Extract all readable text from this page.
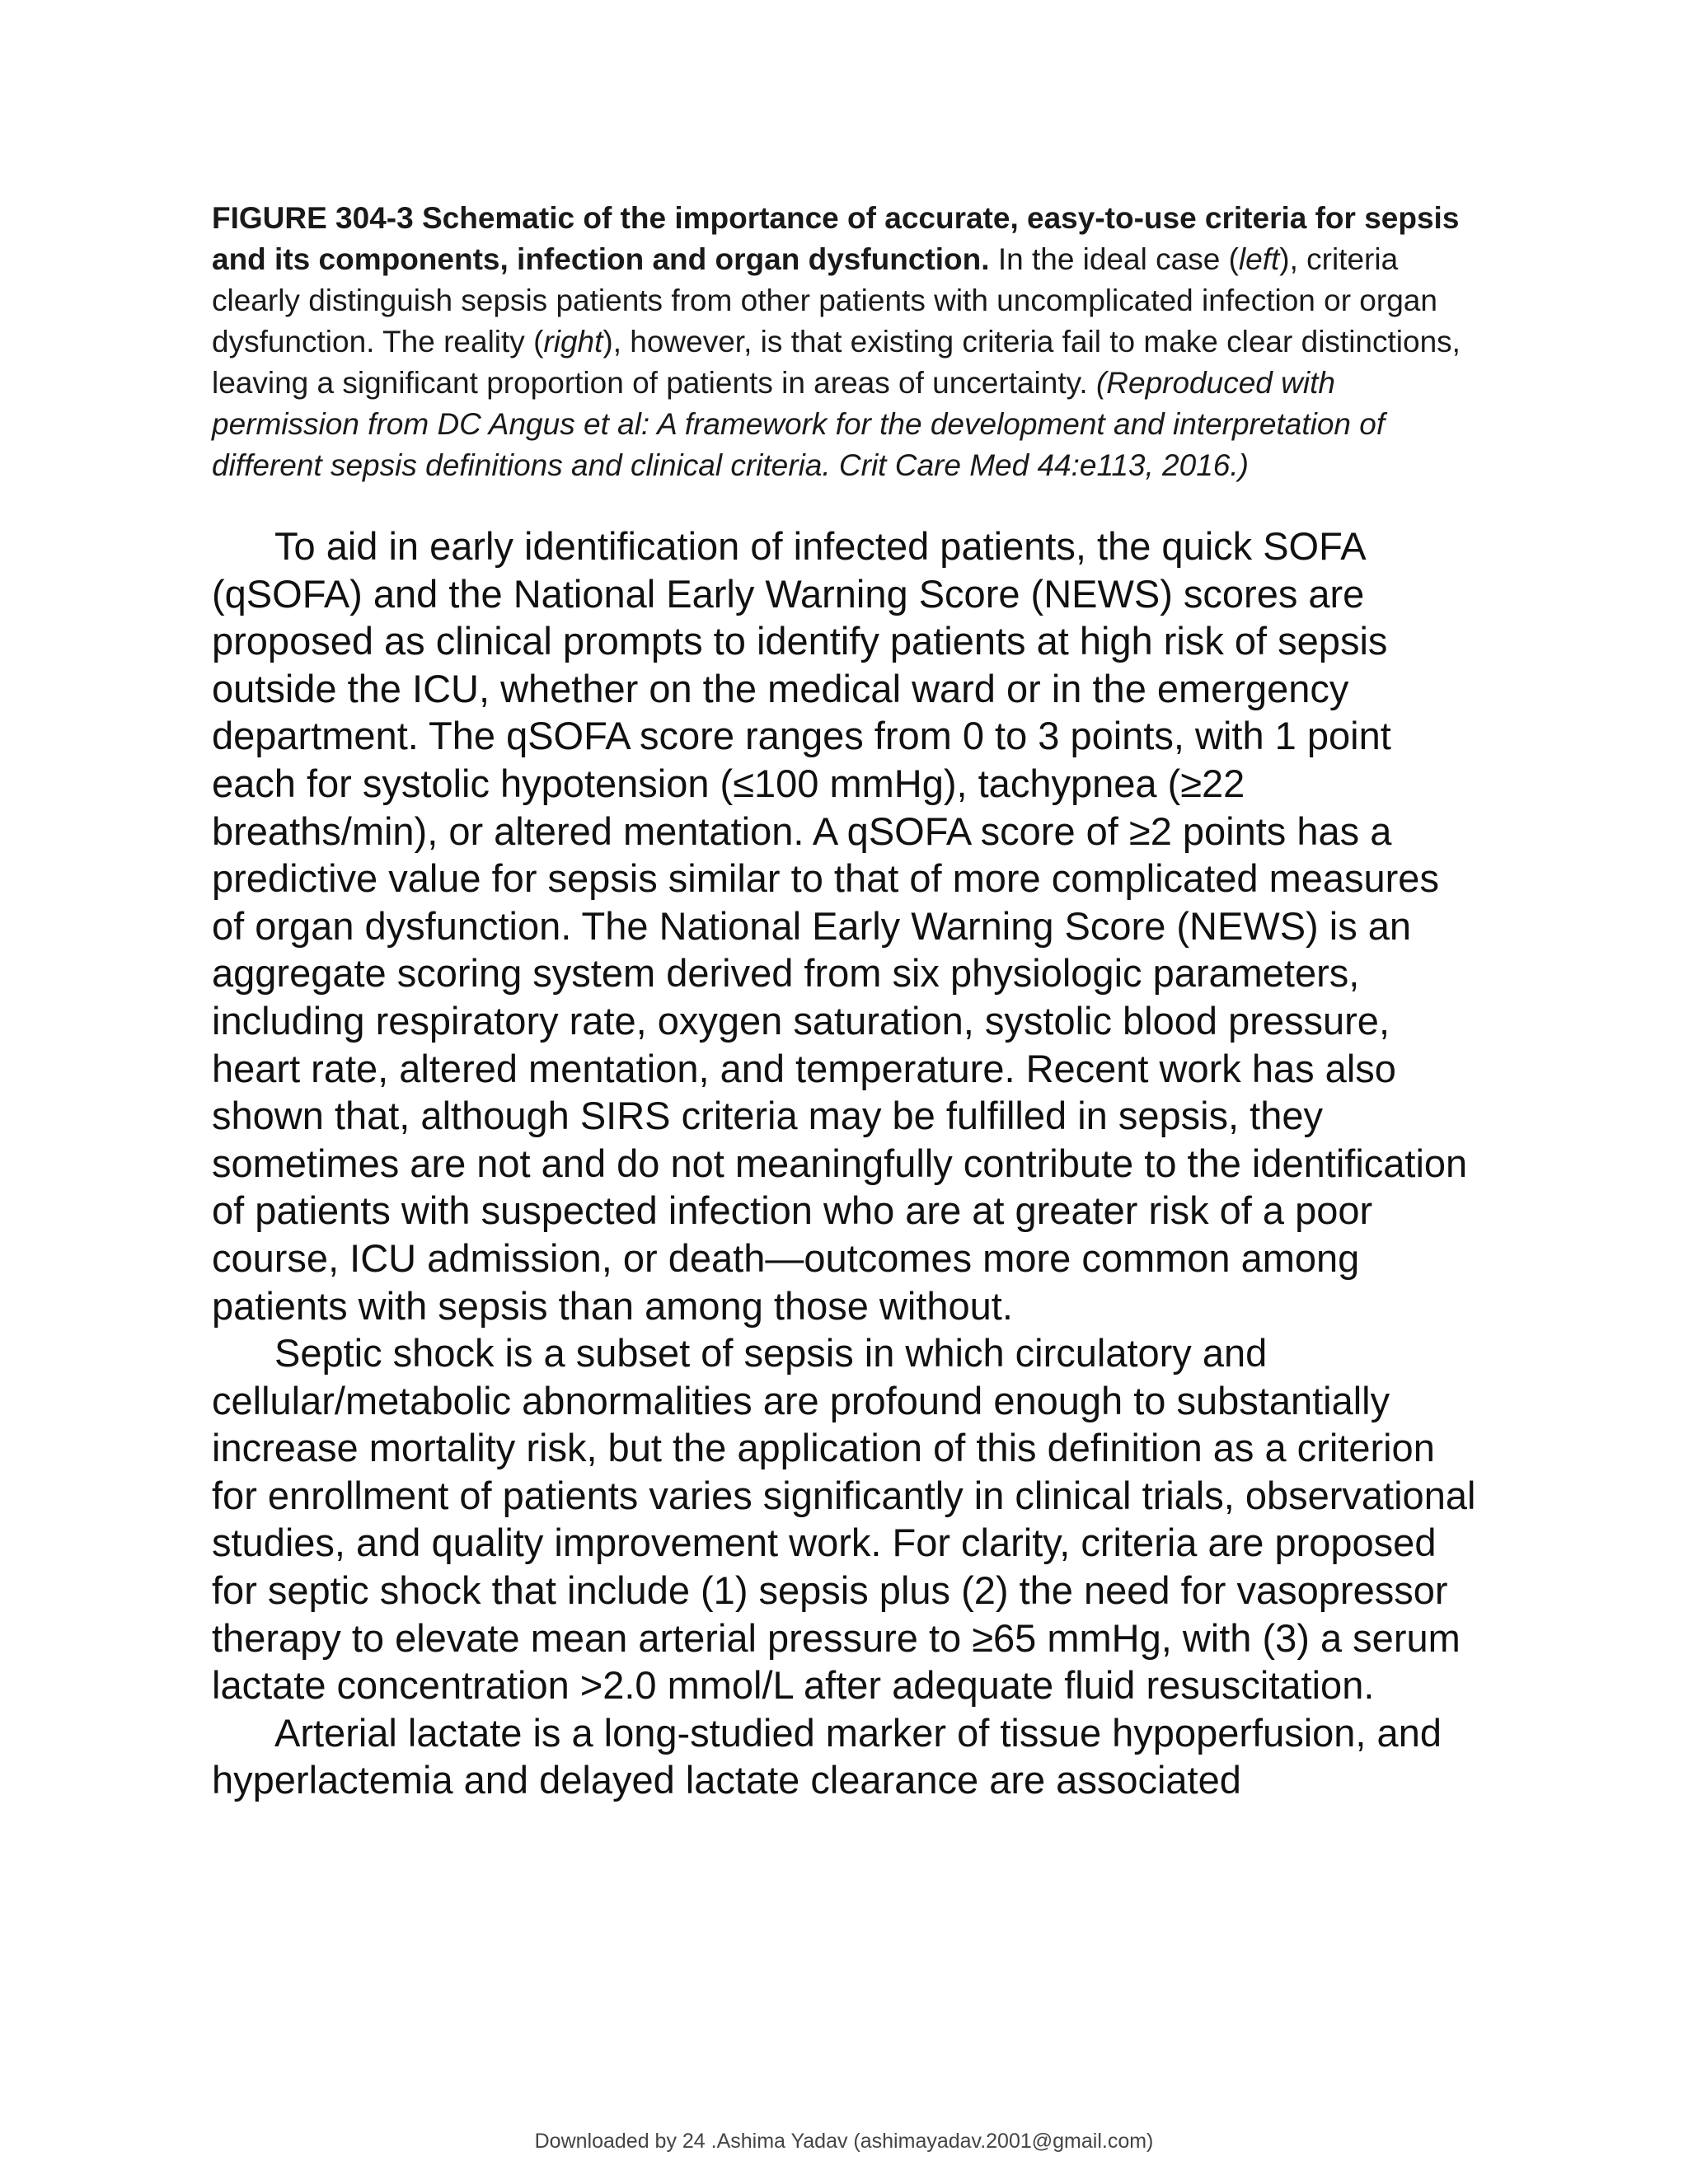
FIGURE 304-3 Schematic of the importance of accurate, easy-to-use criteria for sepsis and its components, infection and organ dysfunction. In the ideal case (left), criteria clearly distinguish sepsis patients from other patients with uncomplicated infection or organ dysfunction. The reality (right), however, is that existing criteria fail to make clear distinctions, leaving a significant proportion of patients in areas of uncertainty. (Reproduced with permission from DC Angus et al: A framework for the development and interpretation of different sepsis definitions and clinical criteria. Crit Care Med 44:e113, 2016.)

To aid in early identification of infected patients, the quick SOFA (qSOFA) and the National Early Warning Score (NEWS) scores are proposed as clinical prompts to identify patients at high risk of sepsis outside the ICU, whether on the medical ward or in the emergency department. The qSOFA score ranges from 0 to 3 points, with 1 point each for systolic hypotension (≤100 mmHg), tachypnea (≥22 breaths/min), or altered mentation. A qSOFA score of ≥2 points has a predictive value for sepsis similar to that of more complicated measures of organ dysfunction. The National Early Warning Score (NEWS) is an aggregate scoring system derived from six physiologic parameters, including respiratory rate, oxygen saturation, systolic blood pressure, heart rate, altered mentation, and temperature. Recent work has also shown that, although SIRS criteria may be fulfilled in sepsis, they sometimes are not and do not meaningfully contribute to the identification of patients with suspected infection who are at greater risk of a poor course, ICU admission, or death—outcomes more common among patients with sepsis than among those without.

Septic shock is a subset of sepsis in which circulatory and cellular/metabolic abnormalities are profound enough to substantially increase mortality risk, but the application of this definition as a criterion for enrollment of patients varies significantly in clinical trials, observational studies, and quality improvement work. For clarity, criteria are proposed for septic shock that include (1) sepsis plus (2) the need for vasopressor therapy to elevate mean arterial pressure to ≥65 mmHg, with (3) a serum lactate concentration >2.0 mmol/L after adequate fluid resuscitation.

Arterial lactate is a long-studied marker of tissue hypoperfusion, and hyperlactemia and delayed lactate clearance are associated

Downloaded by 24 .Ashima Yadav (ashimayadav.2001@gmail.com)
